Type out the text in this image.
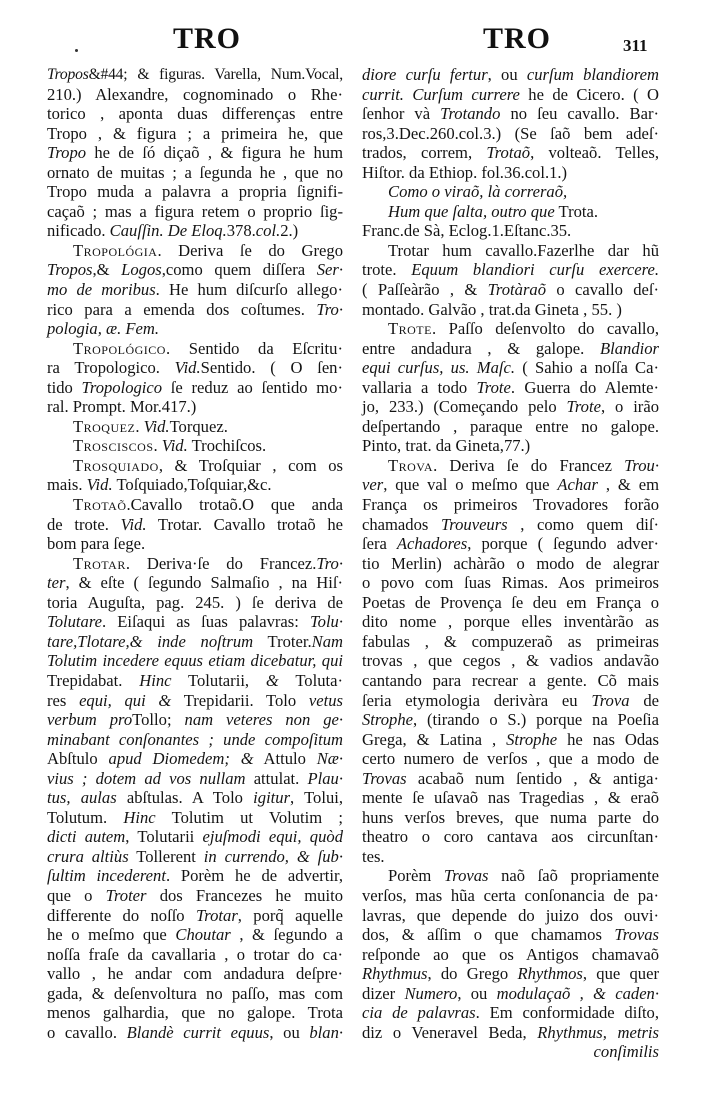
TRO	TRO	311
Tropos&#44; & figuras. Varella, Num.Vocal,
210.) Alexandre, cognominado o Rhe·
torico , aponta duas differenças entre
Tropo , & figura ; a primeira he, que
Tropo he de ſó diçaõ , & figura he hum
ornato de muitas ; a ſegunda he , que no
Tropo muda a palavra a propria ſignifi-
caçaõ ; mas a figura retem o proprio ſig-
nificado. Cauſſin. De Eloq.378.col.2.)
Tropológia. Deriva ſe do Grego
Tropos,& Logos,como quem diſſera Ser·
mo de moribus. He hum diſcurſo allego·
rico para a emenda dos coſtumes. Tro·
pologia, æ. Fem.
Tropológico. Sentido da Eſcritu·
ra Tropologico. Vid.Sentido. ( O ſen·
tido Tropologico ſe reduz ao ſentido mo·
ral. Prompt. Mor.417.)
Troquez. Vid.Torquez.
Trosciscos. Vid. Trochiſcos.
Trosquiado, & Troſquiar , com os
mais. Vid. Toſquiado,Toſquiar,&c.
Trotaõ.Cavallo trotaõ.O que anda
de trote. Vid. Trotar. Cavallo trotaõ he
bom para ſege.
Trotar. Deriva·ſe do Francez.Tro·
ter, & eſte ( ſegundo Salmaſio , na Hiſ·
toria Auguſta, pag. 245. ) ſe deriva de
Tolutare. Eiſaqui as ſuas palavras: Tolu·
tare,Tlotare,& inde noſtrum Troter.Nam
Tolutim incedere equus etiam dicebatur, qui
Trepidabat. Hinc Tolutarii, & Toluta·
res equi, qui & Trepidarii. Tolo vetus
verbum proTollo; nam veteres non ge·
minabant conſonantes ; unde compoſitum
Abſtulo apud Diomedem; & Attulo Næ·
vius ; dotem ad vos nullam attulat. Plau·
tus, aulas abſtulas. A Tolo igitur, Tolui,
Tolutum. Hinc Tolutim ut Volutim ;
dicti autem, Tolutarii ejuſmodi equi, quòd
crura altiùs Tollerent in currendo, & ſub·
ſultim incederent. Porèm he de advertir,
que o Troter dos Francezes he muito
differente do noſſo Trotar, porq̃ aquelle
he o meſmo que Choutar , & ſegundo a
noſſa fraſe da cavallaria , o trotar do ca·
vallo , he andar com andadura deſpre·
gada, & deſenvoltura no paſſo, mas com
menos galhardia, que no galope. Trota
o cavallo. Blandè currit equus, ou blan·
diore curſu fertur, ou curſum blandiorem
currit. Curſum currere he de Cicero. ( O
ſenhor và Trotando no ſeu cavallo. Bar·
ros,3.Dec.260.col.3.) (Se ſaõ bem adeſ·
trados, correm, Trotaõ, volteaõ. Telles,
Hiſtor. da Ethiop. fol.36.col.1.)
Como o viraõ, là correraõ,
Hum que ſalta, outro que Trota.
Franc.de Sà, Eclog.1.Eſtanc.35.
Trotar hum cavallo.Fazerlhe dar hũ
trote. Equum blandiori curſu exercere.
( Paſſeàrão , & Trotàraõ o cavallo deſ·
montado. Galvão , trat.da Gineta , 55. )
Trote. Paſſo deſenvolto do cavallo,
entre andadura , & galope. Blandior
equi curſus, us. Maſc. ( Sahio a noſſa Ca·
vallaria a todo Trote. Guerra do Alemte·
jo, 233.) (Começando pelo Trote, o irão
deſpertando , paraque entre no galope.
Pinto, trat. da Gineta,77.)
Trova. Deriva ſe do Francez Trou·
ver, que val o meſmo que Achar , & em
França os primeiros Trovadores forão
chamados Trouveurs , como quem diſ·
ſera Achadores, porque ( ſegundo adver·
tio Merlin) achàrão o modo de alegrar
o povo com ſuas Rimas. Aos primeiros
Poetas de Provença ſe deu em França o
dito nome , porque elles inventàrão as
fabulas , & compuzeraõ as primeiras
trovas , que cegos , & vadios andavão
cantando para recrear a gente. Cõ mais
ſeria etymologia derivàra eu Trova de
Strophe, (tirando o S.) porque na Poeſia
Grega, & Latina , Strophe he nas Odas
certo numero de verſos , que a modo de
Trovas acabaõ num ſentido , & antiga·
mente ſe uſavaõ nas Tragedias , & eraõ
huns verſos breves, que numa parte do
theatro o coro cantava aos circunſtan·
tes.
Porèm Trovas naõ ſaõ propriamente
verſos, mas hũa certa conſonancia de pa·
lavras, que depende do juizo dos ouvi·
dos, & aſſim o que chamamos Trovas
reſponde ao que os Antigos chamavaõ
Rhythmus, do Grego Rhythmos, que quer
dizer Numero, ou modulaçaõ , & caden·
cia de palavras. Em conformidade diſto,
diz o Veneravel Beda, Rhythmus, metris
conſimilis
